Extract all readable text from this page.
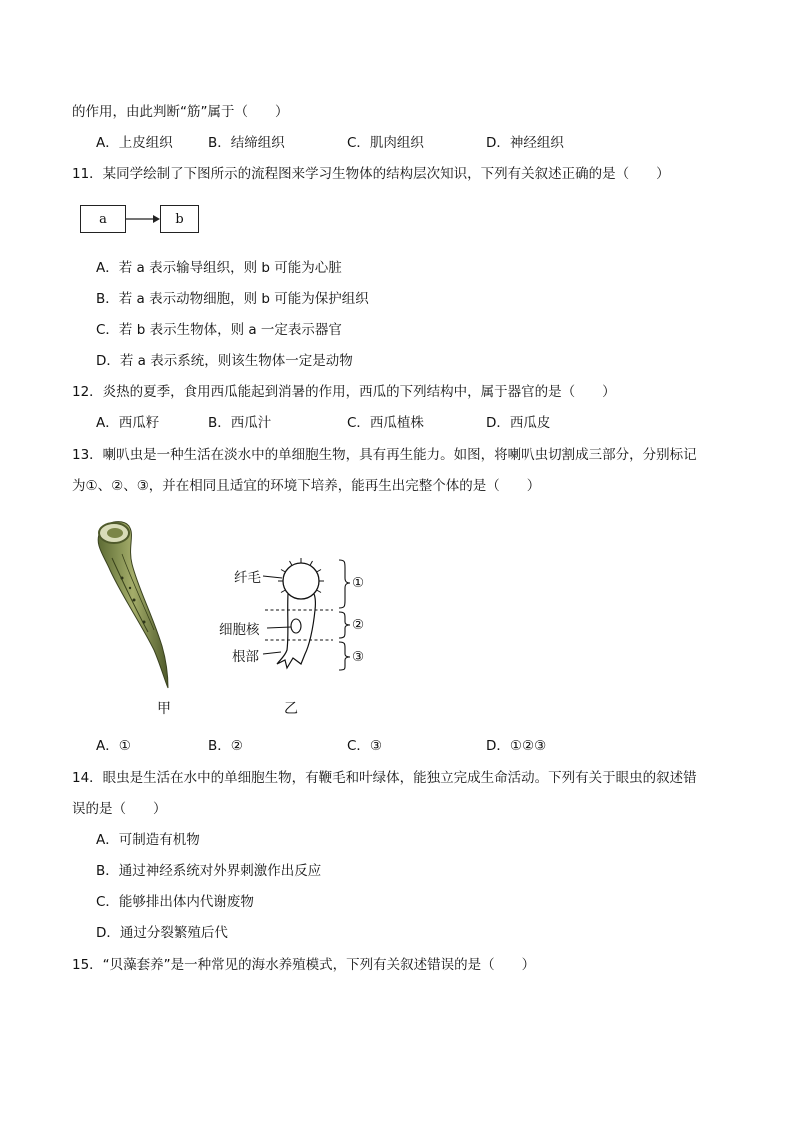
的作用，由此判断“筋”属于（　　）
A．上皮组织	B．结缔组织	C．肌肉组织	D．神经组织
11．某同学绘制了下图所示的流程图来学习生物体的结构层次知识，下列有关叙述正确的是（　　）
a	b
A．若 a 表示输导组织，则 b 可能为心脏
B．若 a 表示动物细胞，则 b 可能为保护组织
C．若 b 表示生物体，则 a 一定表示器官
D．若 a 表示系统，则该生物体一定是动物
12．炎热的夏季，食用西瓜能起到消暑的作用，西瓜的下列结构中，属于器官的是（　　）
A．西瓜籽	B．西瓜汁	C．西瓜植株	D．西瓜皮
13．喇叭虫是一种生活在淡水中的单细胞生物，具有再生能力。如图，将喇叭虫切割成三部分，分别标记
为①、②、③，并在相同且适宜的环境下培养，能再生出完整个体的是（　　）
甲
纤毛
细胞核
根部
①
②
③
乙
A．①	B．②	C．③	D．①②③
14．眼虫是生活在水中的单细胞生物，有鞭毛和叶绿体，能独立完成生命活动。下列有关于眼虫的叙述错
误的是（　　）
A．可制造有机物
B．通过神经系统对外界刺激作出反应
C．能够排出体内代谢废物
D．通过分裂繁殖后代
15．“贝藻套养”是一种常见的海水养殖模式，下列有关叙述错误的是（　　）
